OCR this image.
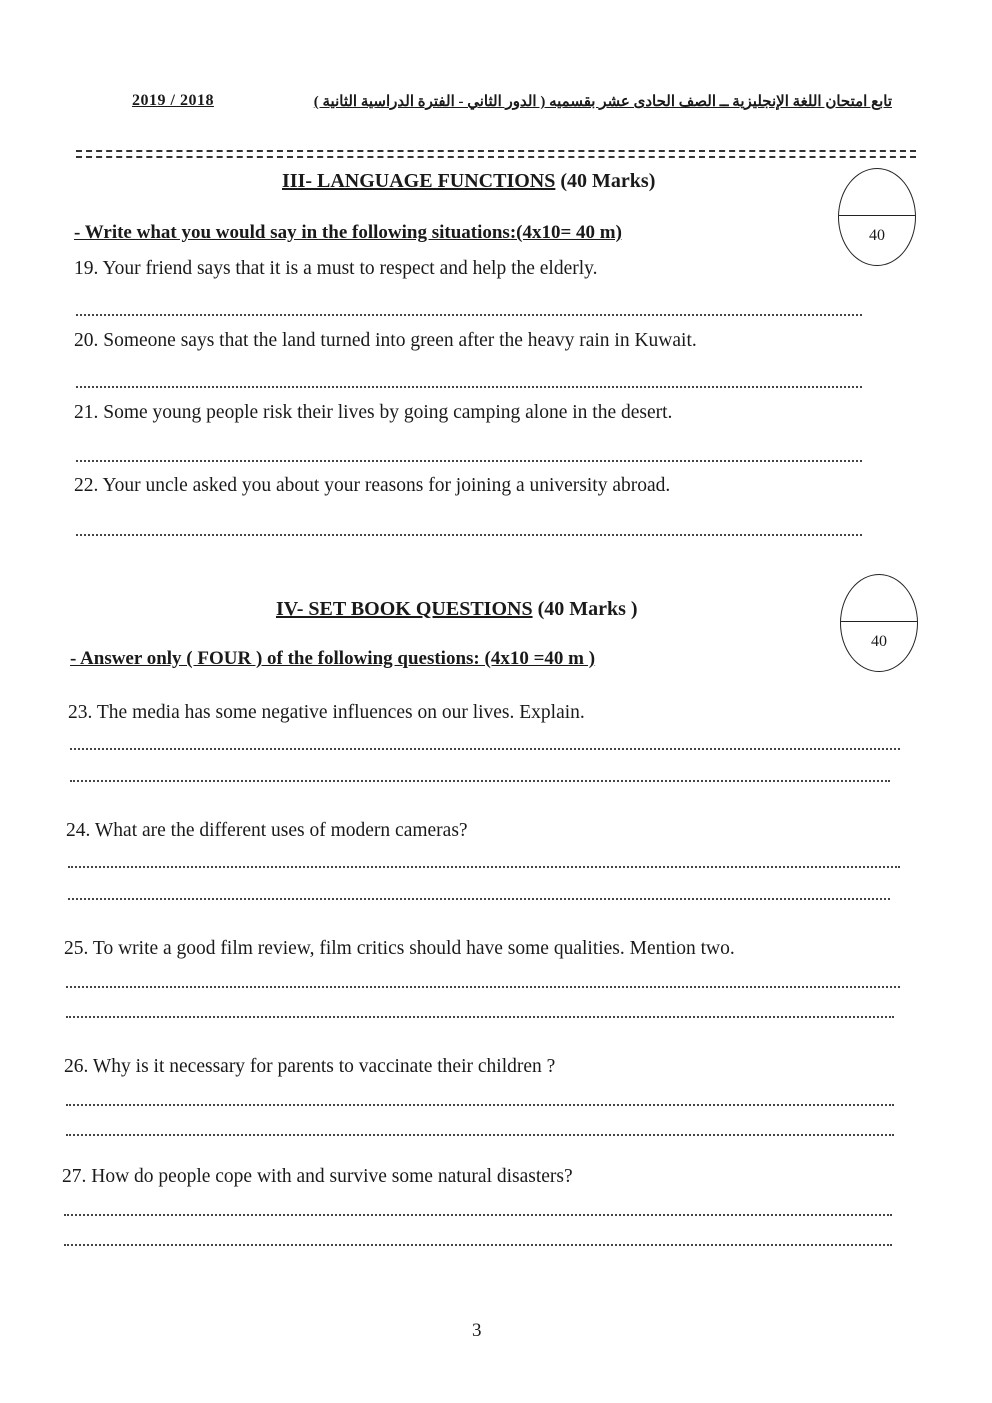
2019 / 2018	تابع امتحان اللغة الإنجليزية ــ الصف الحادى عشر بقسميه ( الدور الثاني - الفترة الدراسية الثانية )
III- LANGUAGE FUNCTIONS (40 Marks)
40
- Write what you would say in the following situations:(4x10= 40 m)
19. Your friend says that it is a must to respect and help the elderly.
20. Someone says that the land turned into green after the heavy rain in Kuwait.
21. Some young people risk their lives by going camping alone in the desert.
22. Your uncle asked you about your reasons for joining a university abroad.
IV- SET BOOK QUESTIONS (40 Marks )
40
- Answer only ( FOUR ) of the following questions: (4x10 =40 m )
23. The media has some negative influences on our lives. Explain.
24. What are the different uses of modern cameras?
25. To write a good film review, film critics should have some qualities. Mention two.
26. Why is it necessary for parents to vaccinate their children ?
27. How do people cope with and survive some natural disasters?
3
